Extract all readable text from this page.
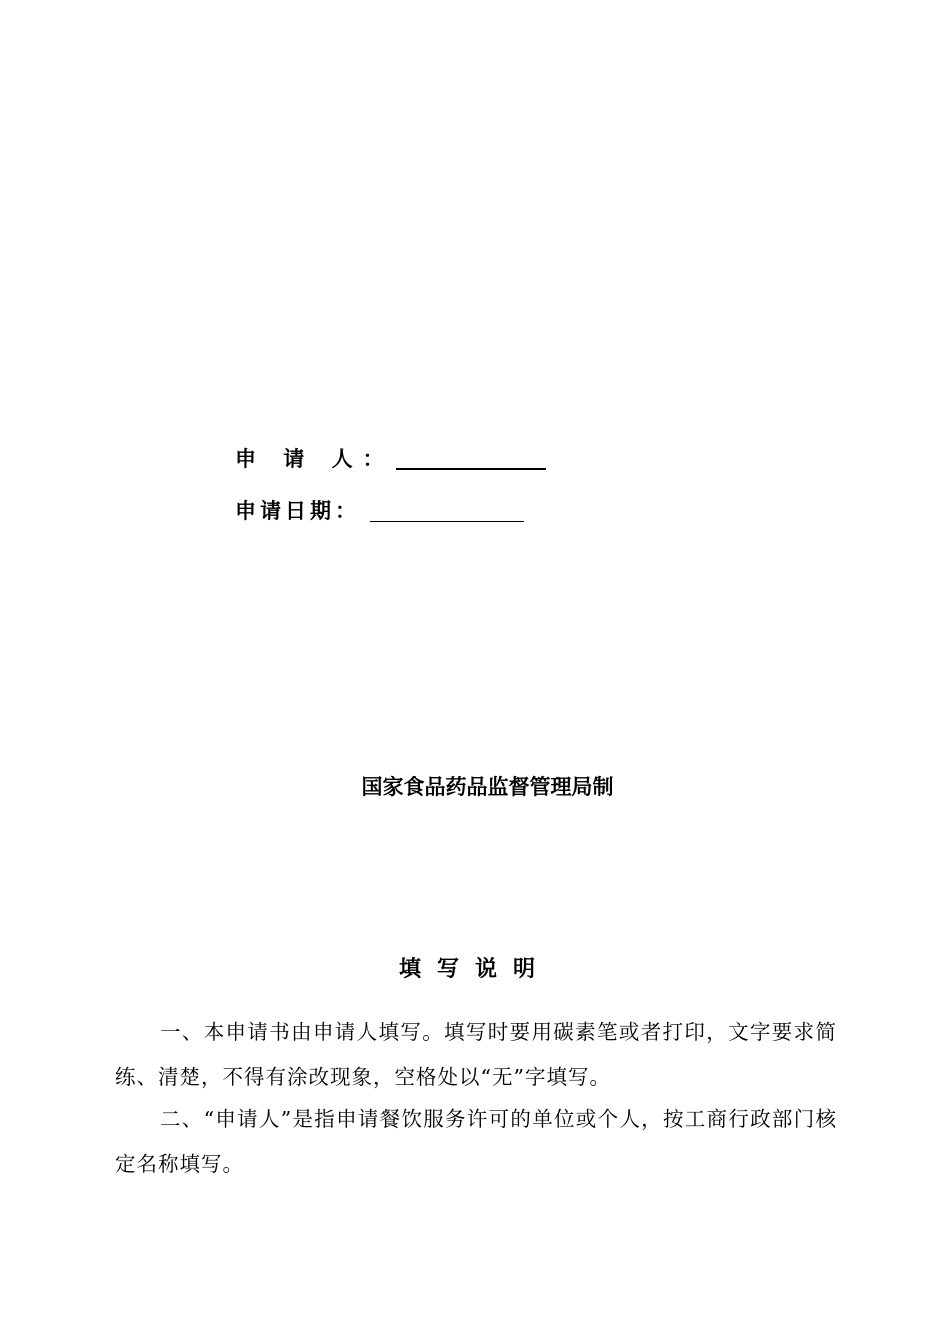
申 请 人：
申请日期：
国家食品药品监督管理局制
填写说明
一、本申请书由申请人填写。填写时要用碳素笔或者打印，文字要求简练、清楚，不得有涂改现象，空格处以“无”字填写。
二、“申请人”是指申请餐饮服务许可的单位或个人，按工商行政部门核定名称填写。
